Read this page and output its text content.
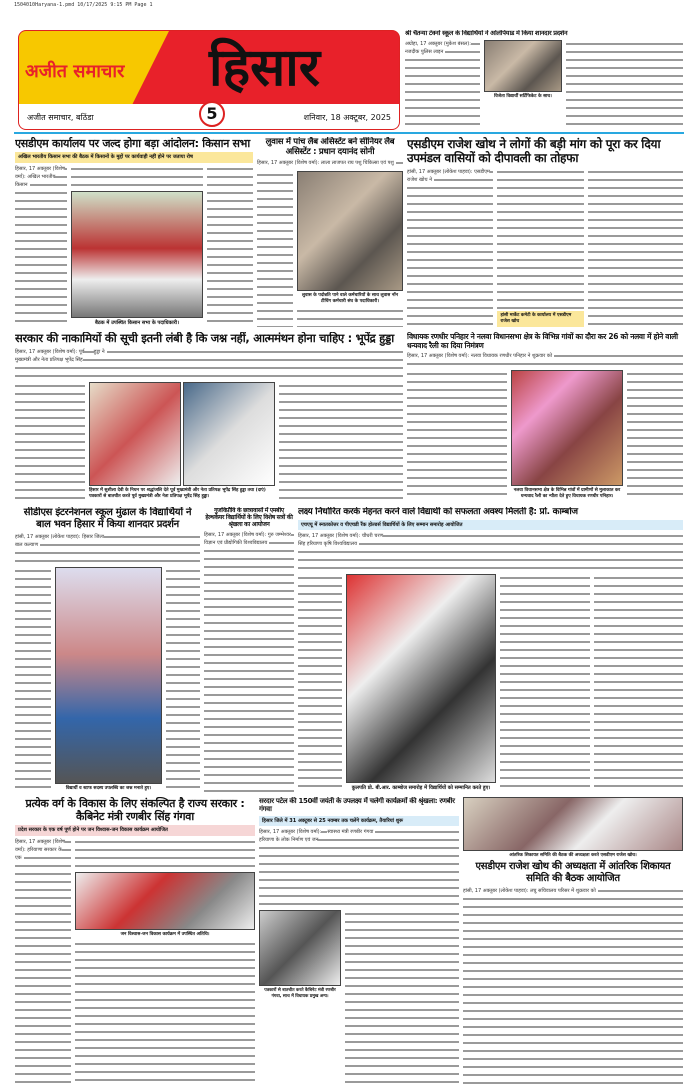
1504010Haryana-1.pmd 10/17/2025 9:15 PM Page 1
अजीत समाचार हिसार
अजीत समाचार, बठिंडा	5	शनिवार, 18 अक्टूबर, 2025
श्री चैतन्या टेक्नो स्कूल के विद्यार्थियों ने ओलंपियाड में किया शानदार प्रदर्शन
अग्रोहा, 17 अक्तूबर (मुकेश बंसल): नजदीक पुलिस लाइन
विजेता विद्यार्थी सर्टिफिकेट के साथ।
एसडीएम कार्यालय पर जल्द होगा बड़ा आंदोलन: किसान सभा
अखिल भारतीय किसान सभा की बैठक में किसानों के मुद्दों पर कार्यवाही नहीं होने पर जताया रोष
हिसार, 17 अक्तूबर (विशेष वर्मा): अखिल भारतीय किसान
बैठक में उपस्थित किसान सभा के पदाधिकारी।
लुवास में पांच लैब असिस्टेंट बने सीनियर लैब असिस्टेंट : प्रधान दयानंद सोनी
हिसार, 17 अक्तूबर (विशेष वर्मा): लाला लाजपत राय पशु चिकित्सा एवं पशु
लुवास के पदोन्नति पाने वाले कर्मचारियों के साथ लुवास नॉन टीचिंग कर्मचारी संघ के पदाधिकारी।
एसडीएम राजेश खोथ ने लोगों की बड़ी मांग को पूरा कर दिया उपमंडल वासियों को दीपावली का तोहफा
हांसी, 17 अक्तूबर (लोकेश पाहवा): एसडीएम राजेश खोथ ने
हांसी मार्केट कमेटी के कार्यालय में एसडीएम राजेश खोथ
सरकार की नाकामियों की सूची इतनी लंबी है कि जश्न नहीं, आत्ममंथन होना चाहिए : भूपेंद्र हुड्डा
हिसार, 17 अक्तूबर (विशेष वर्मा): पूर्व मुख्यमंत्री और नेता प्रतिपक्ष भूपेंद्र सिंह हुड्डा ने
हिसार में सुशीला देवी के निधन पर श्रद्धांजलि देते पूर्व मुख्यमंत्री और नेता प्रतिपक्ष भूपेंद्र सिंह हुड्डा तथा (दाएं) पत्रकारों से बातचीत करते पूर्व मुख्यमंत्री और नेता प्रतिपक्ष भूपेंद्र सिंह हुड्डा।
विधायक रणधीर पनिहार ने नलवा विधानसभा क्षेत्र के विभिन्न गांवों का दौरा कर 26 को नलवा में होने वाली धन्यवाद रैली का दिया निमंत्रण
हिसार, 17 अक्तूबर (विशेष वर्मा): नलवा विधायक रणधीर पनिहार ने शुक्रवार को
नलवा विधानसभा क्षेत्र के विभिन्न गांवों में ग्रामीणों से मुलाकात कर धन्यवाद रैली का न्यौता देते हुए विधायक रणधीर पनिहार।
सीडीएस इंटरनेशनल स्कूल मुंढाल के विद्यार्थियों ने बाल भवन हिसार में किया शानदार प्रदर्शन
हांसी, 17 अक्तूबर (लोकेश पाहवा): हिसार जिला बाल कल्याण
विद्यार्थी व स्टाफ सदस्य उपलब्धि का जश्न मनाते हुए।
गुजविप्रौवि के छात्रावासों में एमबीए हेल्थकेयर विद्यार्थियों के लिए विशेष सत्रों की श्रृंखला का आयोजन
हिसार, 17 अक्तूबर (विशेष वर्मा): गुरु जम्भेश्वर विज्ञान एवं प्रौद्योगिकी विश्वविद्यालय
लक्ष्य निर्धारित करके मेहनत करने वाले विद्यार्थी को सफलता अवश्य मिलती है: प्रो. काम्बोज
एचएयू में स्नातकोत्तर व पीएचडी रैंक होल्डर्स विद्यार्थियों के लिए सम्मान समारोह आयोजित
हिसार, 17 अक्तूबर (विशेष वर्मा): चौधरी चरण सिंह हरियाणा कृषि विश्वविद्यालय
कुलपति प्रो. बी.आर. काम्बोज समारोह में विद्यार्थियों को सम्मानित करते हुए।
प्रत्येक वर्ग के विकास के लिए संकल्पित है राज्य सरकार : कैबिनेट मंत्री रणबीर सिंह गंगवा
प्रदेश सरकार के एक वर्ष पूर्ण होने पर जन विश्वास-जन विकास कार्यक्रम आयोजित
हिसार, 17 अक्तूबर (विशेष वर्मा): हरियाणा सरकार के एक
जन विश्वास-जन विकास कार्यक्रम में उपस्थित अतिथि।
सरदार पटेल की 150वीं जयंती के उपलक्ष्य में चलेगी कार्यक्रमों की श्रृंखला: रणबीर गंगवा
हिसार जिले में 31 अक्टूबर से 25 नवम्बर तक चलेंगे कार्यक्रम, तैयारियां शुरू
हिसार, 17 अक्तूबर (विशेष वर्मा): हरियाणा के लोक निर्माण एवं जन स्वास्थ्य मंत्री रणबीर गंगवा
पत्रकारों से बातचीत करते कैबिनेट मंत्री रणबीर गंगवा, साथ में विधायक प्रमुख अन्य।
आंतरिक शिकायत समिति की बैठक की अध्यक्षता करते एसडीएम राजेश खोथ।
एसडीएम राजेश खोथ की अध्यक्षता में आंतरिक शिकायत समिति की बैठक आयोजित
हांसी, 17 अक्तूबर (लोकेश पाहवा): लघु सचिवालय परिसर में शुक्रवार को
